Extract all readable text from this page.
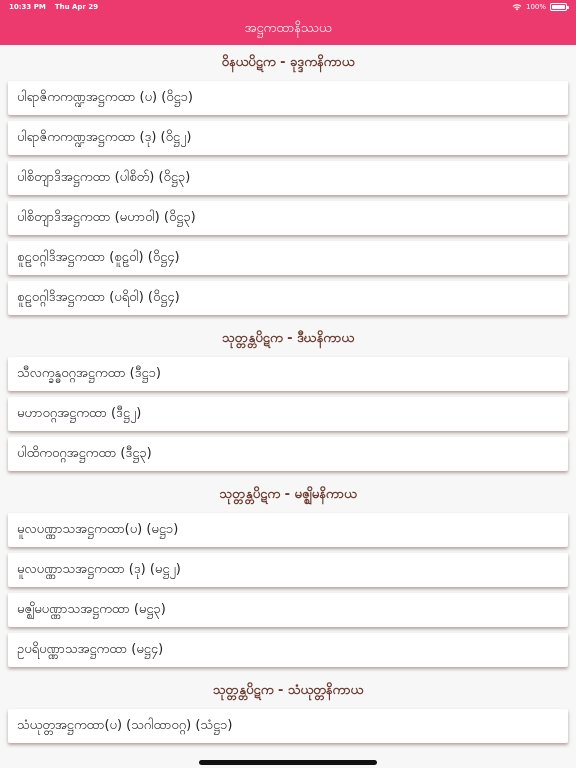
10:33 PM Thu Apr 29	100%
အဋ္ဌကထာနိဿယ
ဝိနယပိဋက - ခုဒ္ဒကနိကာယ
ပါရာဇိကကဏ္ဍအဋ္ဌကထာ (ပ) (ဝိဋ္ဌ၁)
ပါရာဇိကကဏ္ဍအဋ္ဌကထာ (ဒု) (ဝိဋ္ဌ၂)
ပါစိတျာဒိအဋ္ဌကထာ (ပါစိတ်) (ဝိဋ္ဌ၃)
ပါစိတျာဒိအဋ္ဌကထာ (မဟာဝါ) (ဝိဋ္ဌ၃)
စူဠဝဂ္ဂါဒိအဋ္ဌကထာ (စူဠဝါ) (ဝိဋ္ဌ၄)
စူဠဝဂ္ဂါဒိအဋ္ဌကထာ (ပရိဝါ) (ဝိဋ္ဌ၄)
သုတ္တန္တပိဋက - ဒီဃနိကာယ
သီလက္ခန္ဓဝဂ္ဂအဋ္ဌကထာ (ဒီဋ္ဌ၁)
မဟာဝဂ္ဂအဋ္ဌကထာ (ဒီဋ္ဌ၂)
ပါထိကဝဂ္ဂအဋ္ဌကထာ (ဒီဋ္ဌ၃)
သုတ္တန္တပိဋက - မဇ္ဈိမနိကာယ
မူလပဏ္ဏာသအဋ္ဌကထာ(ပ) (မဋ္ဌ၁)
မူလပဏ္ဏာသအဋ္ဌကထာ (ဒု) (မဋ္ဌ၂)
မဇ္ဈိမပဏ္ဏာသအဋ္ဌကထာ (မဋ္ဌ၃)
ဥပရိပဏ္ဏာသအဋ္ဌကထာ (မဋ္ဌ၄)
သုတ္တန္တပိဋက - သံယုတ္တနိကာယ
သံယုတ္တအဋ္ဌကထာ(ပ) (သဂါထာဝဂ္ဂ) (သံဋ္ဌ၁)
